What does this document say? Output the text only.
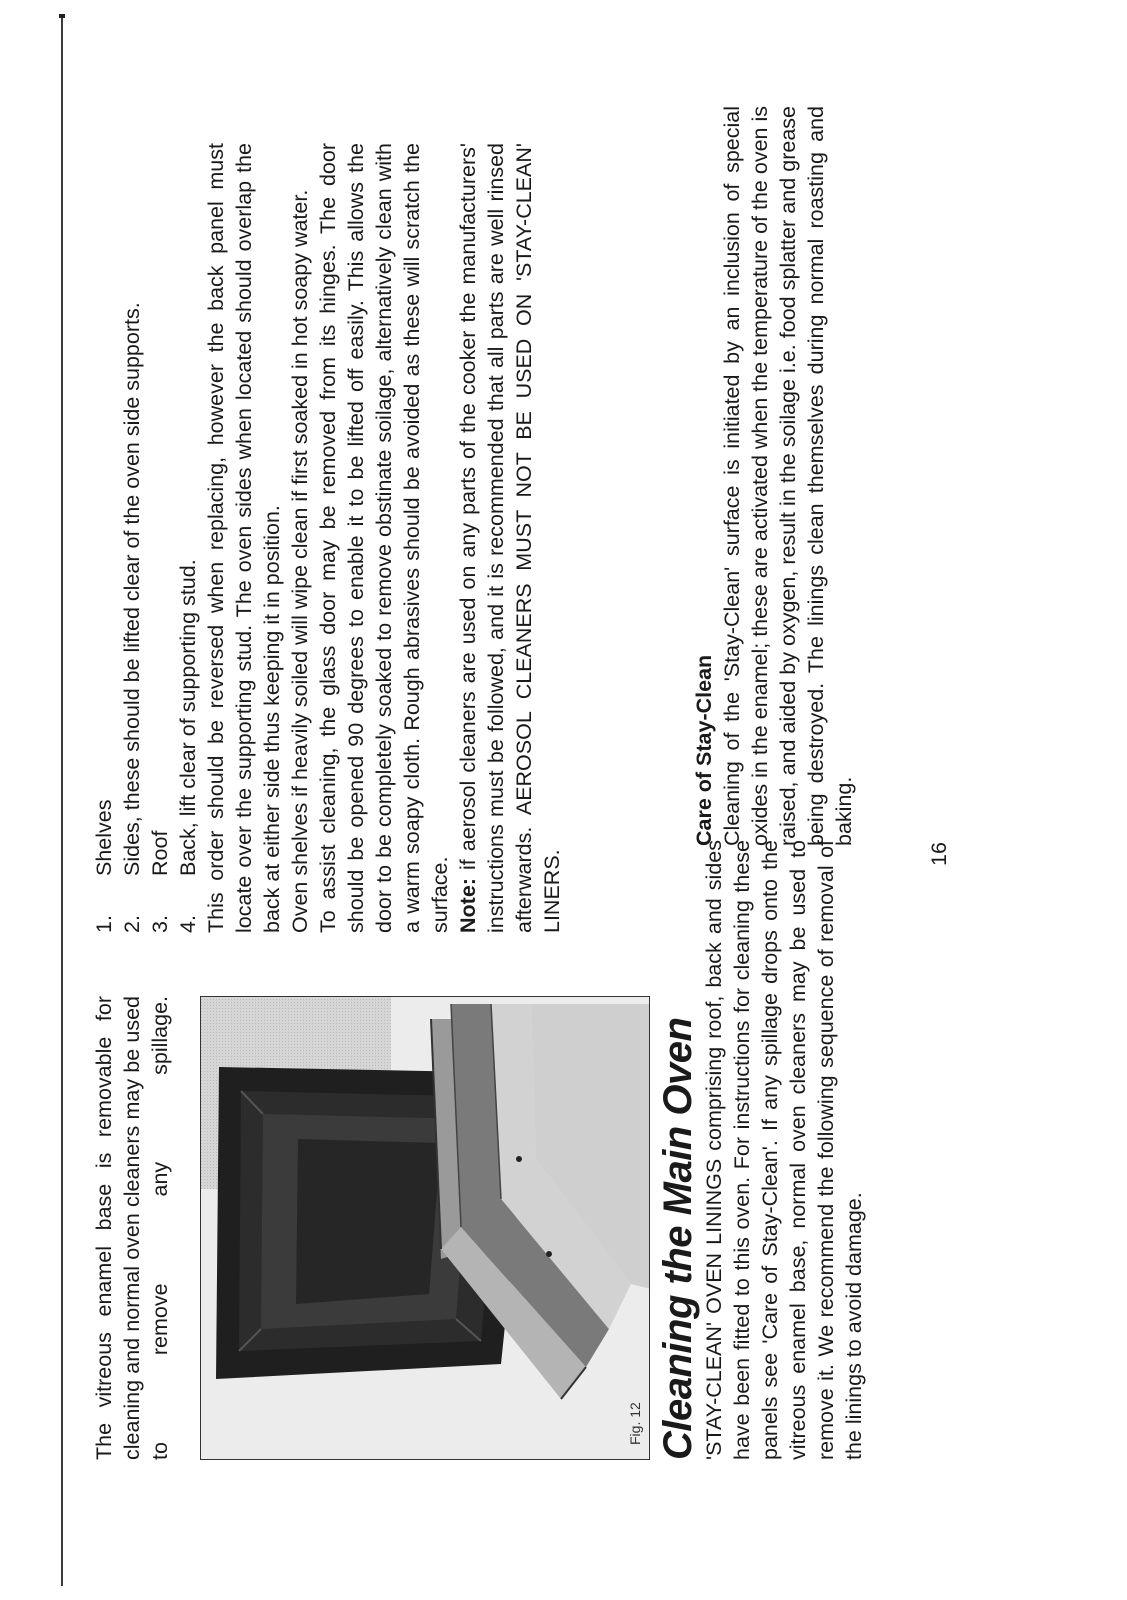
The vitreous enamel base is removable for cleaning and normal oven cleaners may be used to remove any spillage.	Fig. 12 Cleaning the Main Oven 'STAY-CLEAN' OVEN LININGS comprising roof, back and sides have been fitted to this oven. For instructions for cleaning these panels see 'Care of Stay-Clean'. If any spillage drops onto the vitreous enamel base, normal oven cleaners may be used to remove it. We recommend the following sequence of removal of the linings to avoid damage.

1.
Shelves
2.
Sides, these should be lifted clear of the oven side supports.
3.
Roof
4.
Back, lift clear of supporting stud. This order should be reversed when replacing, however the back panel must locate over the supporting stud. The oven sides when located should overlap the back at either side thus keeping it in position. Oven shelves if heavily soiled will wipe clean if first soaked in hot soapy water. To assist cleaning, the glass door may be removed from its hinges. The door should be opened 90 degrees to enable it to be lifted off easily. This allows the door to be completely soaked to remove obstinate soilage, alternatively clean with a warm soapy cloth. Rough abrasives should be avoided as these will scratch the surface. Note: if aerosol cleaners are used on any parts of the cooker the manufacturers' instructions must be followed, and it is recommended that all parts are well rinsed afterwards. AEROSOL CLEANERS MUST NOT BE USED ON 'STAY-CLEAN' LINERS.

Care of Stay-Clean Cleaning of the 'Stay-Clean' surface is initiated by an inclusion of special oxides in the enamel; these are activated when the temperature of the oven is raised, and aided by oxygen, result in the soilage i.e. food splatter and grease being destroyed. The linings clean themselves during normal roasting and baking.

16
